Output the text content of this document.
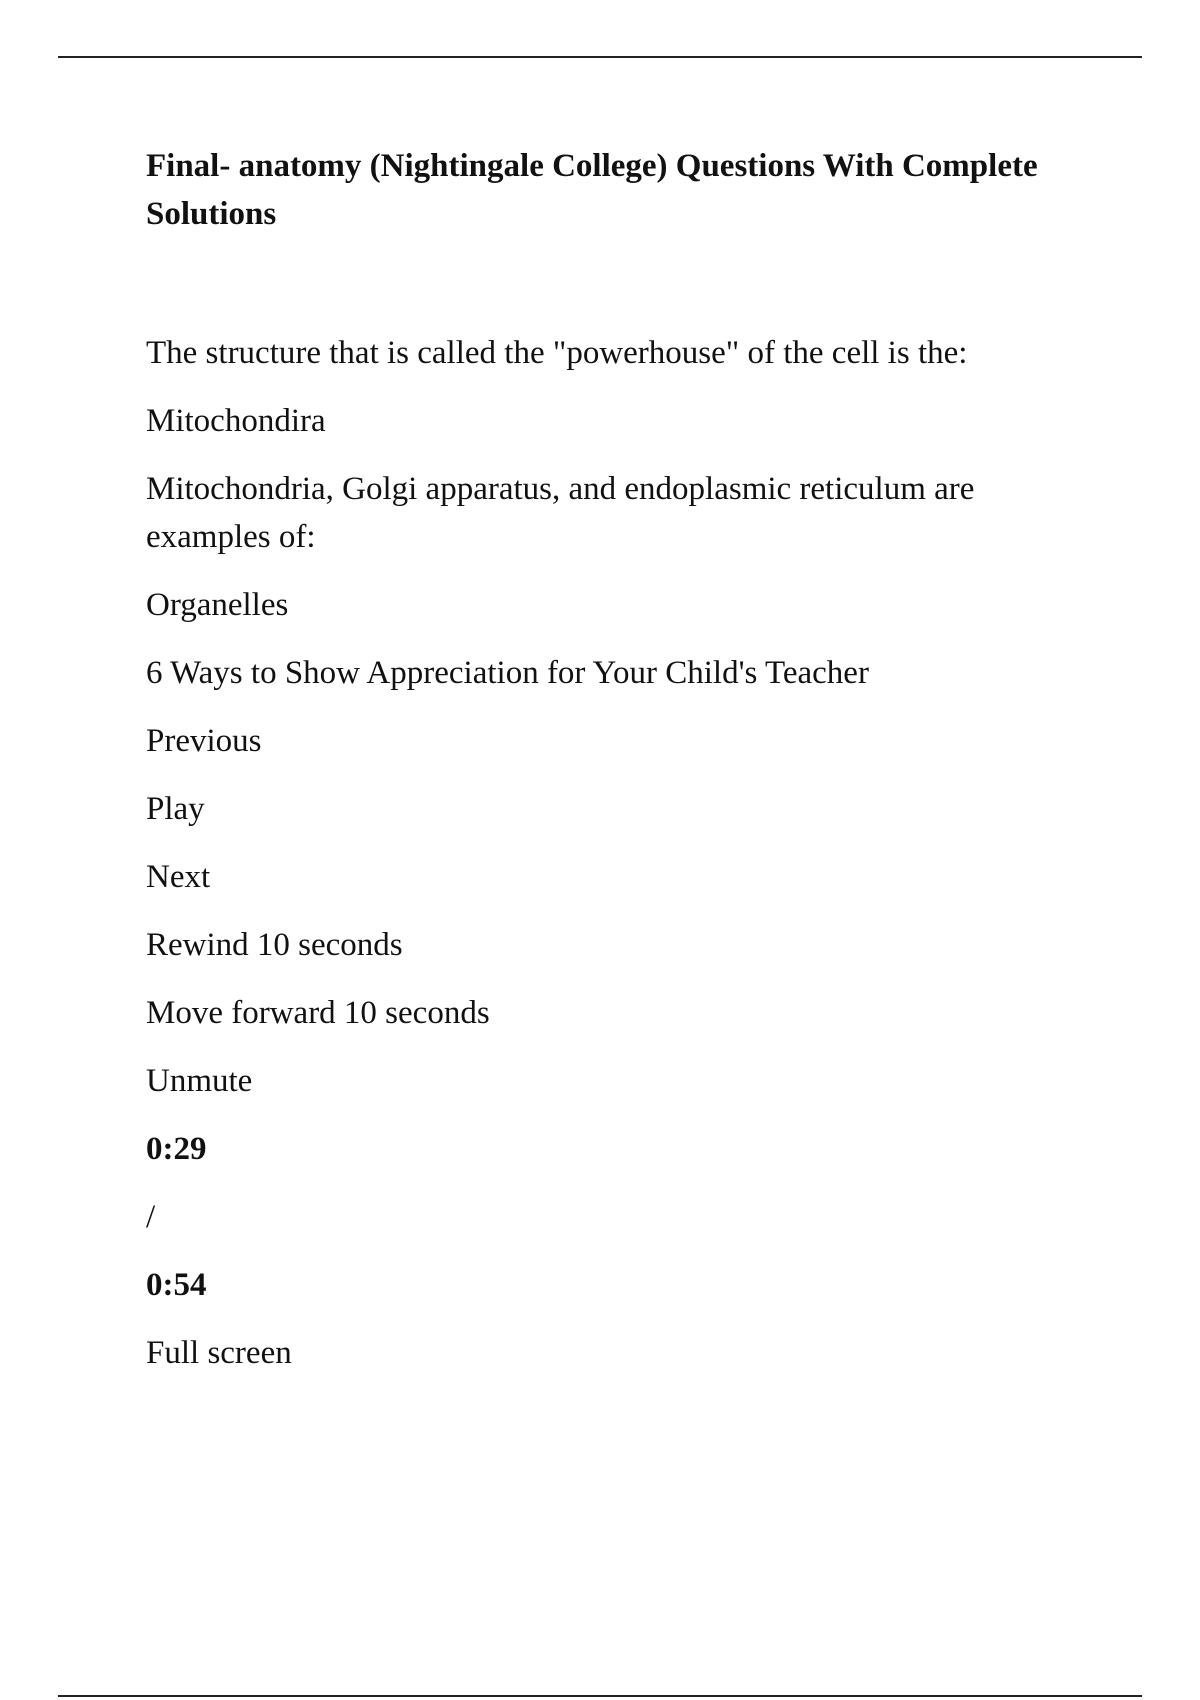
Final- anatomy (Nightingale College) Questions With Complete Solutions

The structure that is called the "powerhouse" of the cell is the:

Mitochondira

Mitochondria, Golgi apparatus, and endoplasmic reticulum are examples of:

Organelles

6 Ways to Show Appreciation for Your Child's Teacher

Previous

Play

Next

Rewind 10 seconds

Move forward 10 seconds

Unmute

0:29

/

0:54

Full screen
